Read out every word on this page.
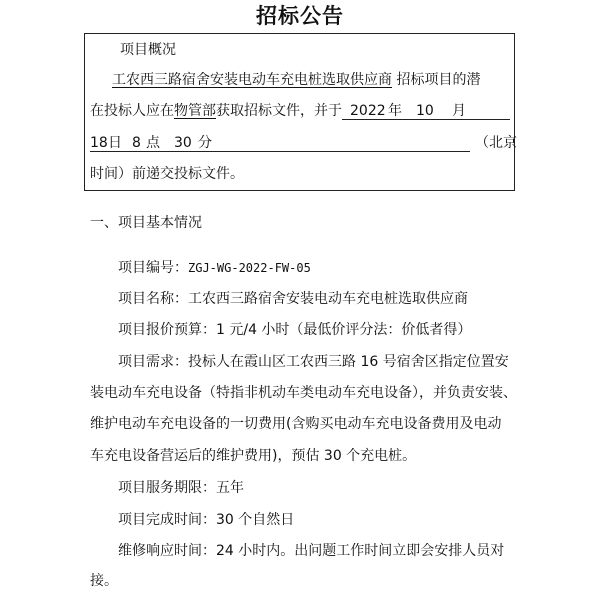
招标公告
项目概况
工农西三路宿舍安装电动车充电桩选取供应商 招标项目的潜
在投标人应在物管部获取招标文件，并于 2022 年 10 月
18 日 8 点 30 分	（北京
时间）前递交投标文件。
一、项目基本情况
项目编号：ZGJ-WG-2022-FW-05
项目名称：工农西三路宿舍安装电动车充电桩选取供应商
项目报价预算：1 元/4 小时（最低价评分法：价低者得）
项目需求：投标人在霞山区工农西三路 16 号宿舍区指定位置安
装电动车充电设备（特指非机动车类电动车充电设备），并负责安装、
维护电动车充电设备的一切费用(含购买电动车充电设备费用及电动
车充电设备营运后的维护费用)，预估 30 个充电桩。
项目服务期限：五年
项目完成时间：30 个自然日
维修响应时间：24 小时内。出问题工作时间立即会安排人员对
接。
